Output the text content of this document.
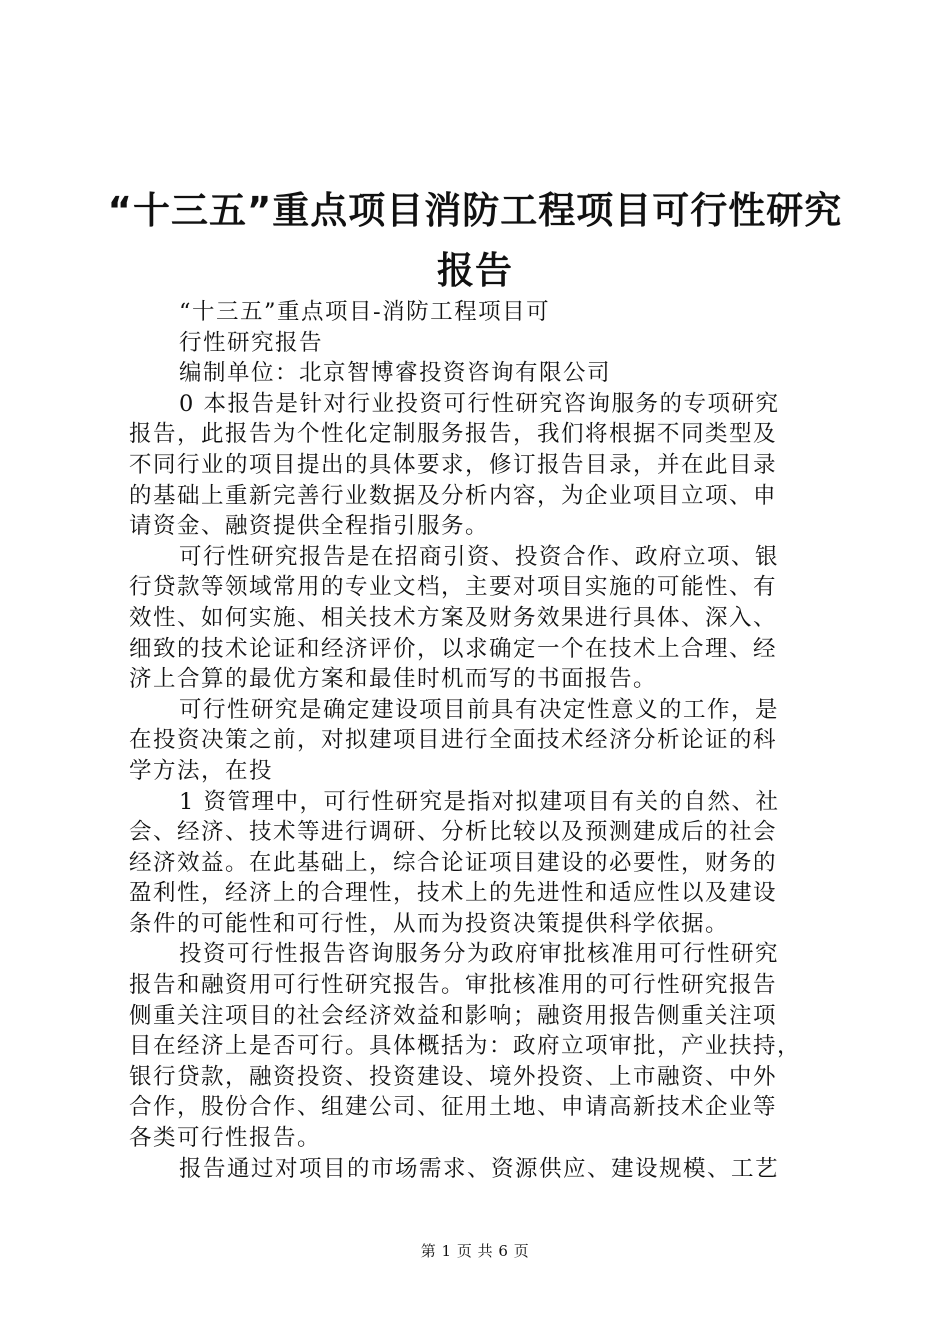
“十三五”重点项目消防工程项目可行性研究
报告
“十三五”重点项目-消防工程项目可
行性研究报告
编制单位：北京智博睿投资咨询有限公司
0 本报告是针对行业投资可行性研究咨询服务的专项研究
报告，此报告为个性化定制服务报告，我们将根据不同类型及
不同行业的项目提出的具体要求，修订报告目录，并在此目录
的基础上重新完善行业数据及分析内容，为企业项目立项、申
请资金、融资提供全程指引服务。
可行性研究报告是在招商引资、投资合作、政府立项、银
行贷款等领域常用的专业文档，主要对项目实施的可能性、有
效性、如何实施、相关技术方案及财务效果进行具体、深入、
细致的技术论证和经济评价，以求确定一个在技术上合理、经
济上合算的最优方案和最佳时机而写的书面报告。
可行性研究是确定建设项目前具有决定性意义的工作，是
在投资决策之前，对拟建项目进行全面技术经济分析论证的科
学方法，在投
1 资管理中，可行性研究是指对拟建项目有关的自然、社
会、经济、技术等进行调研、分析比较以及预测建成后的社会
经济效益。在此基础上，综合论证项目建设的必要性，财务的
盈利性，经济上的合理性，技术上的先进性和适应性以及建设
条件的可能性和可行性，从而为投资决策提供科学依据。
投资可行性报告咨询服务分为政府审批核准用可行性研究
报告和融资用可行性研究报告。审批核准用的可行性研究报告
侧重关注项目的社会经济效益和影响；融资用报告侧重关注项
目在经济上是否可行。具体概括为：政府立项审批，产业扶持，
银行贷款，融资投资、投资建设、境外投资、上市融资、中外
合作，股份合作、组建公司、征用土地、申请高新技术企业等
各类可行性报告。
报告通过对项目的市场需求、资源供应、建设规模、工艺
第 1 页 共 6 页
